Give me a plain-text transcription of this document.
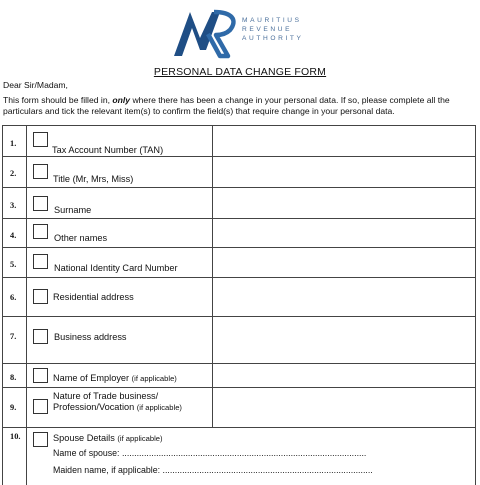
MAURITIUS
REVENUE
AUTHORITY
PERSONAL DATA CHANGE FORM
Dear Sir/Madam,
This form should be filled in, only where there has been a change in your personal data. If so, please complete all the particulars and tick the relevant item(s) to confirm the field(s) that require change in your personal data.
1.
Tax Account Number (TAN)
2.
Title (Mr, Mrs, Miss)
3.	Surname
4.	Other names
5.	National Identity Card Number
6.	Residential address
7.	Business address
8.	Name of Employer (if applicable)
9.
Nature of Trade business/ Profession/Vocation (if applicable)
10.	Spouse Details (if applicable)
Name of spouse: ....................................................................................................
Maiden name, if applicable: ......................................................................................
